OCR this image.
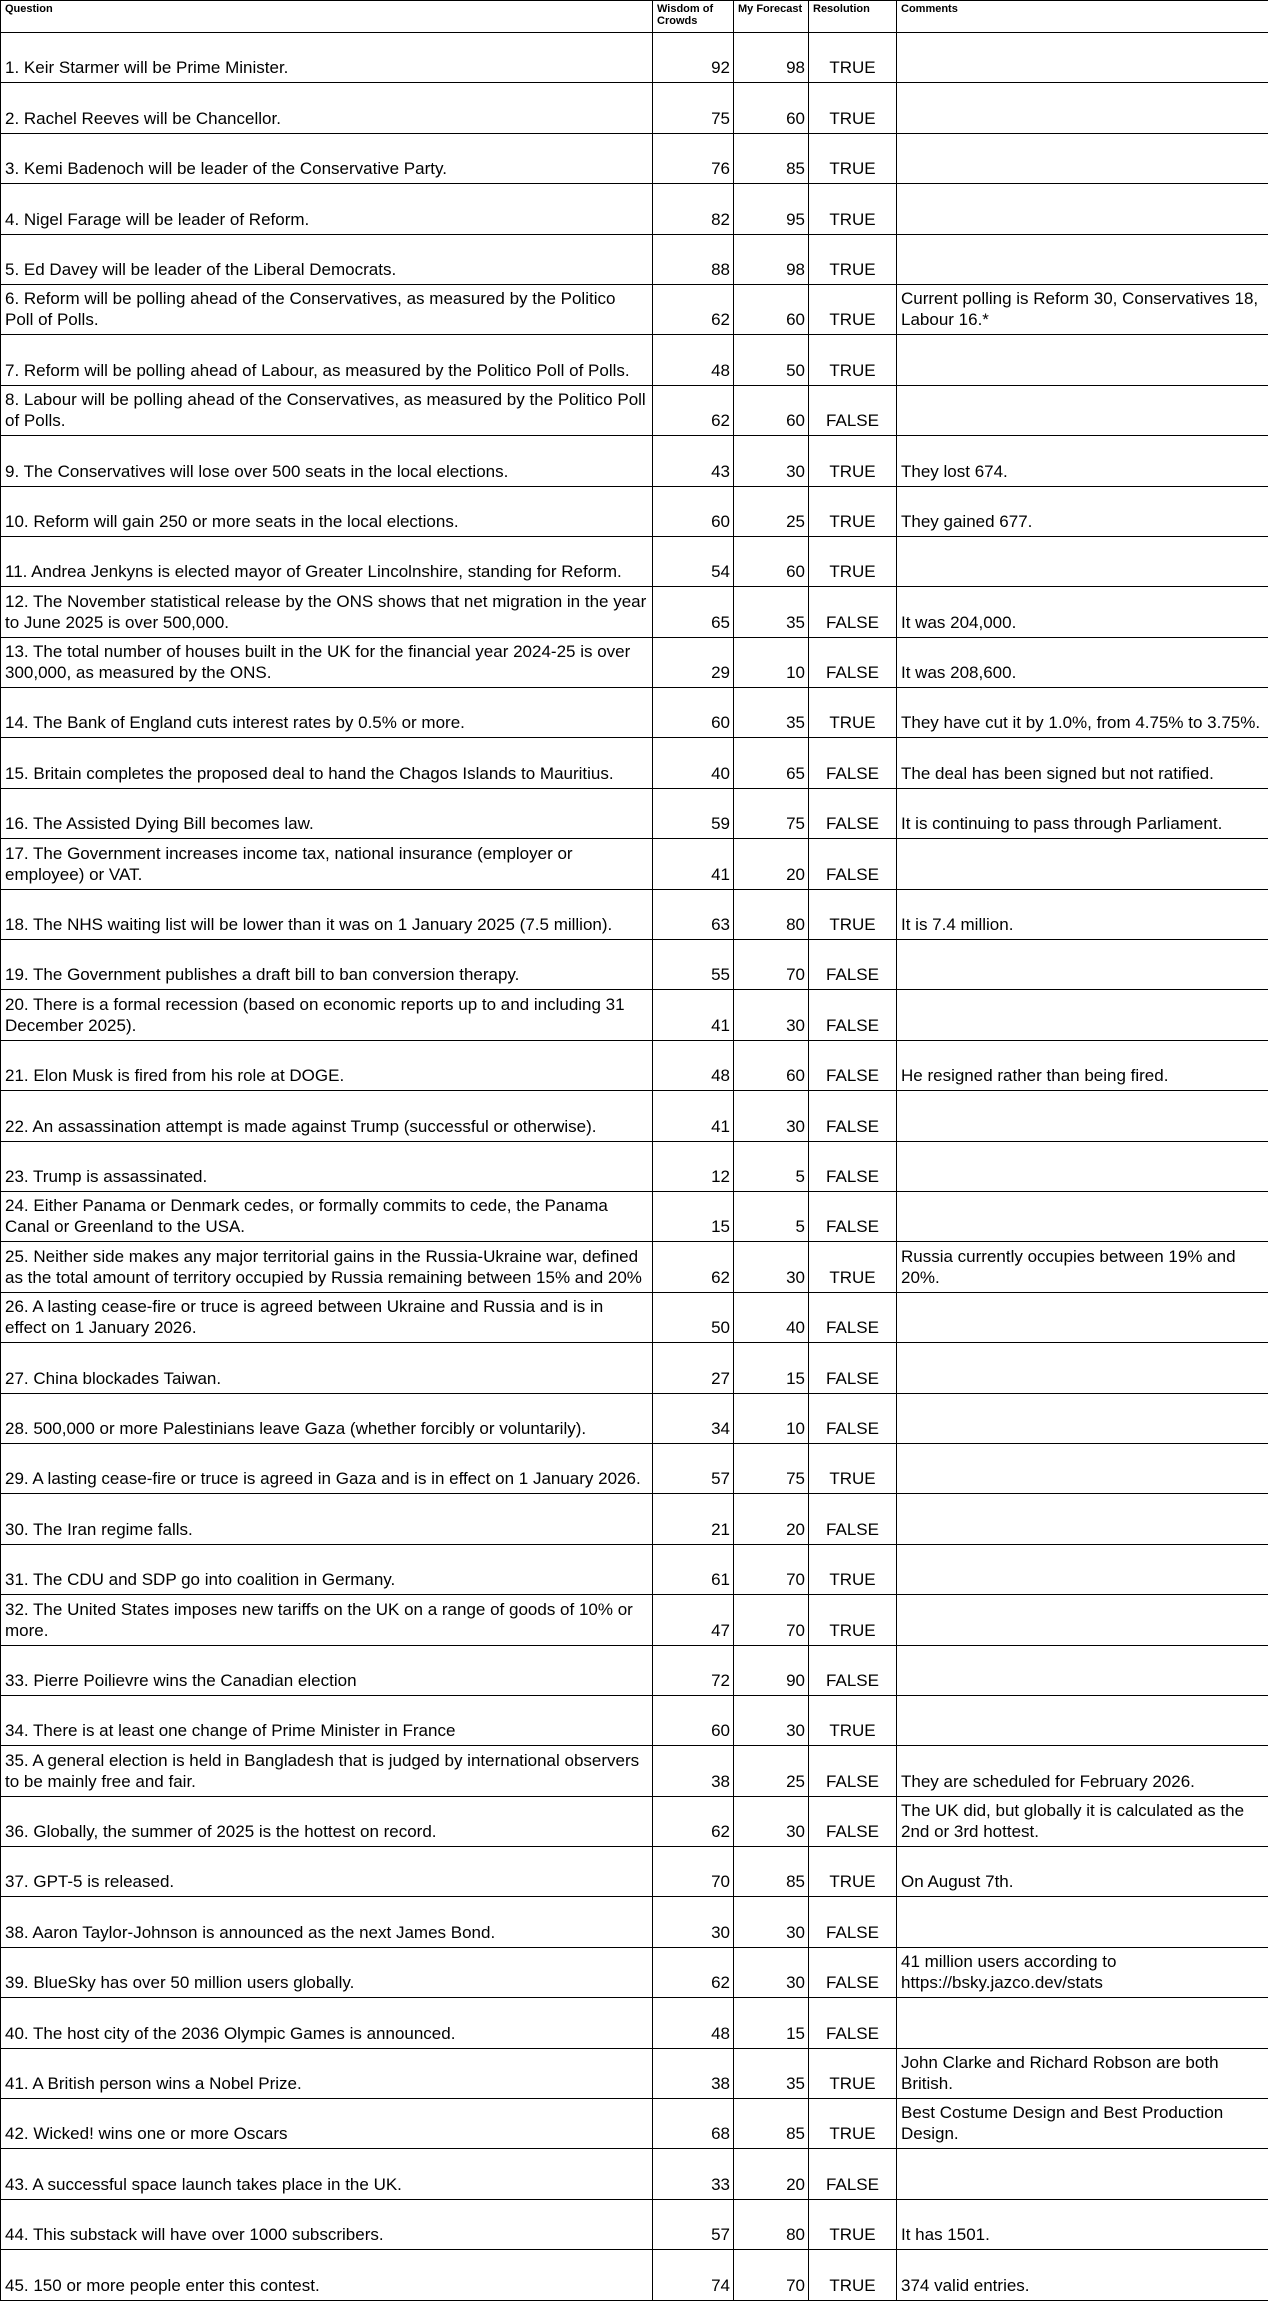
Question	Wisdom of Crowds	My Forecast	Resolution	Comments

1. Keir Starmer will be Prime Minister.	92	98	TRUE	

2. Rachel Reeves will be Chancellor.	75	60	TRUE	

3. Kemi Badenoch will be leader of the Conservative Party.	76	85	TRUE	

4. Nigel Farage will be leader of Reform.	82	95	TRUE	

5. Ed Davey will be leader of the Liberal Democrats.	88	98	TRUE	

6. Reform will be polling ahead of the Conservatives, as measured by the Politico Poll of Polls.	62	60	TRUE	Current polling is Reform 30, Conservatives 18, Labour 16.*

7. Reform will be polling ahead of Labour, as measured by the Politico Poll of Polls.	48	50	TRUE	

8. Labour will be polling ahead of the Conservatives, as measured by the Politico Poll of Polls.	62	60	FALSE	

9. The Conservatives will lose over 500 seats in the local elections.	43	30	TRUE	They lost 674.

10. Reform will gain 250 or more seats in the local elections.	60	25	TRUE	They gained 677.

11. Andrea Jenkyns is elected mayor of Greater Lincolnshire, standing for Reform.	54	60	TRUE	

12. The November statistical release by the ONS shows that net migration in the year to June 2025 is over 500,000.	65	35	FALSE	It was 204,000.

13. The total number of houses built in the UK for the financial year 2024-25 is over 300,000, as measured by the ONS.	29	10	FALSE	It was 208,600.

14. The Bank of England cuts interest rates by 0.5% or more.	60	35	TRUE	They have cut it by 1.0%, from 4.75% to 3.75%.

15. Britain completes the proposed deal to hand the Chagos Islands to Mauritius.	40	65	FALSE	The deal has been signed but not ratified.

16. The Assisted Dying Bill becomes law.	59	75	FALSE	It is continuing to pass through Parliament.

17. The Government increases income tax, national insurance (employer or employee) or VAT.	41	20	FALSE	

18. The NHS waiting list will be lower than it was on 1 January 2025 (7.5 million).	63	80	TRUE	It is 7.4 million.

19. The Government publishes a draft bill to ban conversion therapy.	55	70	FALSE	

20. There is a formal recession (based on economic reports up to and including 31 December 2025).	41	30	FALSE	

21. Elon Musk is fired from his role at DOGE.	48	60	FALSE	He resigned rather than being fired.

22. An assassination attempt is made against Trump (successful or otherwise).	41	30	FALSE	

23. Trump is assassinated.	12	5	FALSE	

24. Either Panama or Denmark cedes, or formally commits to cede, the Panama Canal or Greenland to the USA.	15	5	FALSE	

25. Neither side makes any major territorial gains in the Russia-Ukraine war, defined as the total amount of territory occupied by Russia remaining between 15% and 20%	62	30	TRUE	Russia currently occupies between 19% and 20%.

26. A lasting cease-fire or truce is agreed between Ukraine and Russia and is in effect on 1 January 2026.	50	40	FALSE	

27. China blockades Taiwan.	27	15	FALSE	

28. 500,000 or more Palestinians leave Gaza (whether forcibly or voluntarily).	34	10	FALSE	

29. A lasting cease-fire or truce is agreed in Gaza and is in effect on 1 January 2026.	57	75	TRUE	

30. The Iran regime falls.	21	20	FALSE	

31. The CDU and SDP go into coalition in Germany.	61	70	TRUE	

32. The United States imposes new tariffs on the UK on a range of goods of 10% or more.	47	70	TRUE	

33. Pierre Poilievre wins the Canadian election	72	90	FALSE	

34. There is at least one change of Prime Minister in France	60	30	TRUE	

35. A general election is held in Bangladesh that is judged by international observers to be mainly free and fair.	38	25	FALSE	They are scheduled for February 2026.

36. Globally, the summer of 2025 is the hottest on record.	62	30	FALSE	The UK did, but globally it is calculated as the 2nd or 3rd hottest.

37. GPT-5 is released.	70	85	TRUE	On August 7th.

38. Aaron Taylor-Johnson is announced as the next James Bond.	30	30	FALSE	

39. BlueSky has over 50 million users globally.	62	30	FALSE	41 million users according to https://bsky.jazco.dev/stats

40. The host city of the 2036 Olympic Games is announced.	48	15	FALSE	

41. A British person wins a Nobel Prize.	38	35	TRUE	John Clarke and Richard Robson are both British.

42. Wicked! wins one or more Oscars	68	85	TRUE	Best Costume Design and Best Production Design.

43. A successful space launch takes place in the UK.	33	20	FALSE	

44. This substack will have over 1000 subscribers.	57	80	TRUE	It has 1501.

45. 150 or more people enter this contest.	74	70	TRUE	374 valid entries.
